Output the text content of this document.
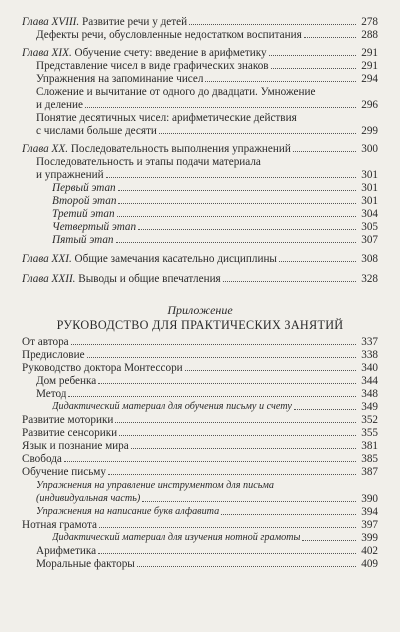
Глава XVIII. Развитие речи у детей	278
Дефекты речи, обусловленные недостатком воспитания	288
Глава XIX. Обучение счету: введение в арифметику	291
Представление чисел в виде графических знаков	291
Упражнения на запоминание чисел	294
Сложение и вычитание от одного до двадцати. Умножение
и деление	296
Понятие десятичных чисел: арифметические действия
с числами больше десяти	299
Глава XX. Последовательность выполнения упражнений	300
Последовательность и этапы подачи материала
и упражнений	301
Первый этап	301
Второй этап	301
Третий этап	304
Четвертый этап	305
Пятый этап	307
Глава XXI. Общие замечания касательно дисциплины	308
Глава XXII. Выводы и общие впечатления	328
Приложение
РУКОВОДСТВО ДЛЯ ПРАКТИЧЕСКИХ ЗАНЯТИЙ
От автора	337
Предисловие	338
Руководство доктора Монтессори	340
Дом ребенка	344
Метод	348
Дидактический материал для обучения письму и счету	349
Развитие моторики	352
Развитие сенсорики	355
Язык и познание мира	381
Свобода	385
Обучение письму	387
Упражнения на управление инструментом для письма
(индивидуальная часть)	390
Упражнения на написание букв алфавита	394
Нотная грамота	397
Дидактический материал для изучения нотной грамоты	399
Арифметика	402
Моральные факторы	409
